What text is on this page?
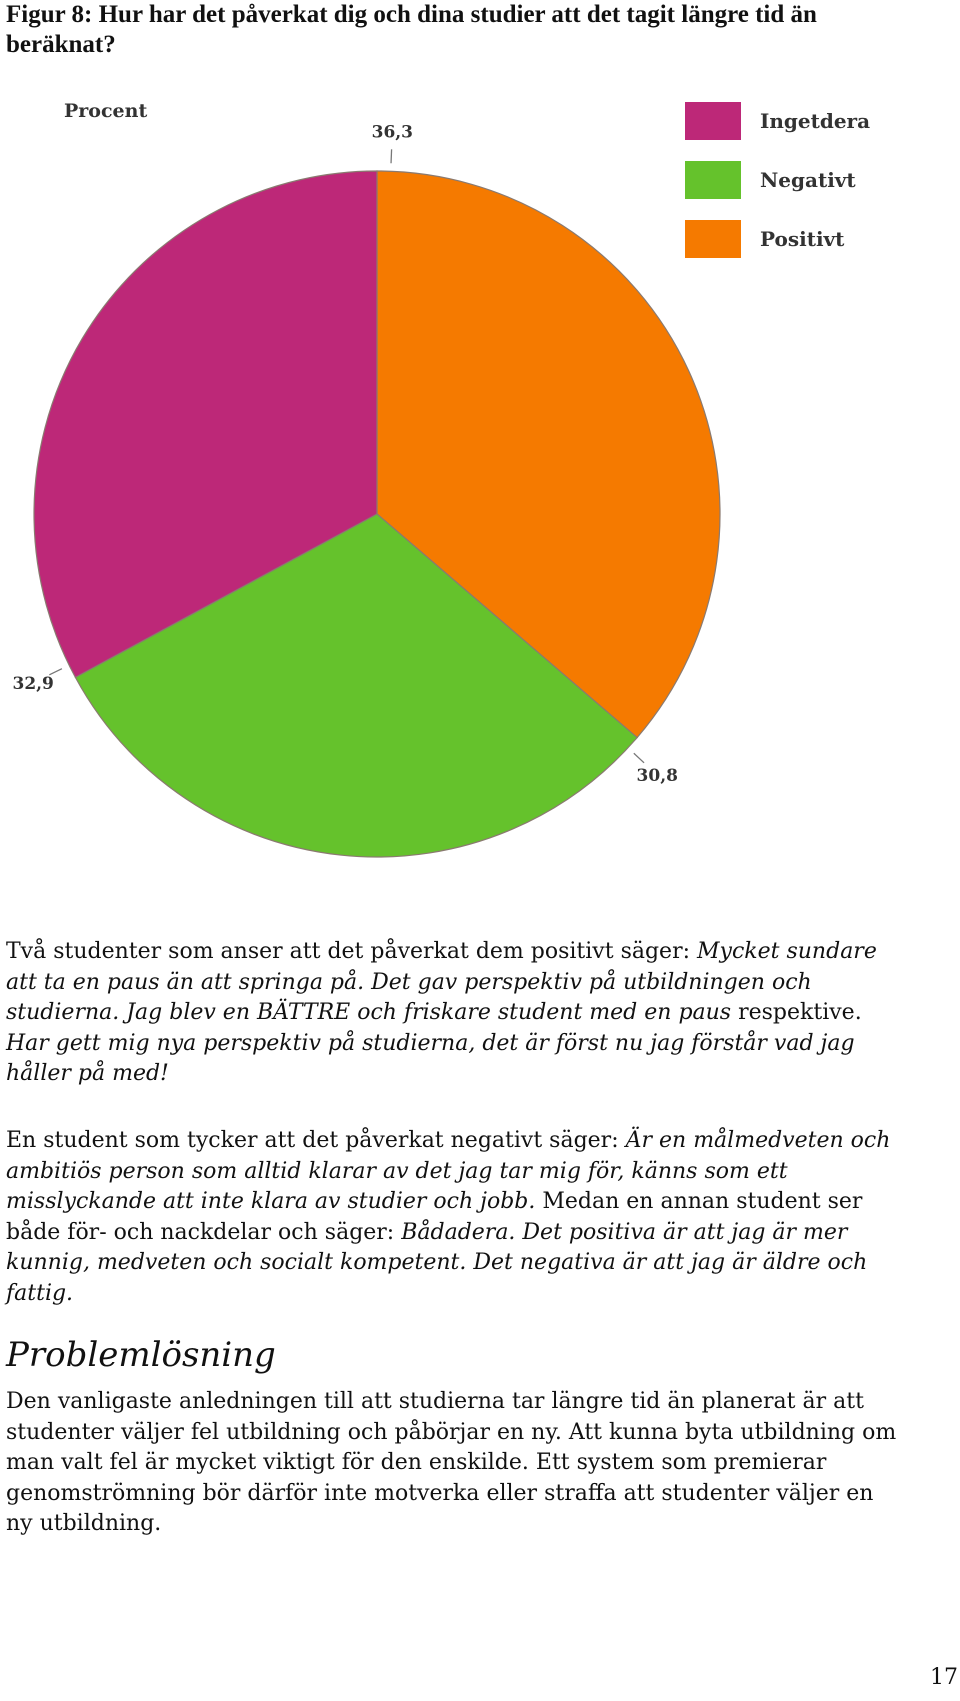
Figur 8: Hur har det påverkat dig och dina studier att det tagit längre tid än beräknat?
Procent
36,3
30,8
32,9
Ingetdera
Negativt
Positivt

Två studenter som anser att det påverkat dem positivt säger: Mycket sundare att ta en paus än att springa på. Det gav perspektiv på utbildningen och studierna. Jag blev en BÄTTRE och friskare student med en paus respektive. Har gett mig nya perspektiv på studierna, det är först nu jag förstår vad jag håller på med!

En student som tycker att det påverkat negativt säger: Är en målmedveten och ambitiös person som alltid klarar av det jag tar mig för, känns som ett misslyckande att inte klara av studier och jobb. Medan en annan student ser både för- och nackdelar och säger: Bådadera. Det positiva är att jag är mer kunnig, medveten och socialt kompetent. Det negativa är att jag är äldre och fattig.

Problemlösning

Den vanligaste anledningen till att studierna tar längre tid än planerat är att studenter väljer fel utbildning och påbörjar en ny. Att kunna byta utbildning om man valt fel är mycket viktigt för den enskilde. Ett system som premierar genomströmning bör därför inte motverka eller straffa att studenter väljer en ny utbildning.

17
